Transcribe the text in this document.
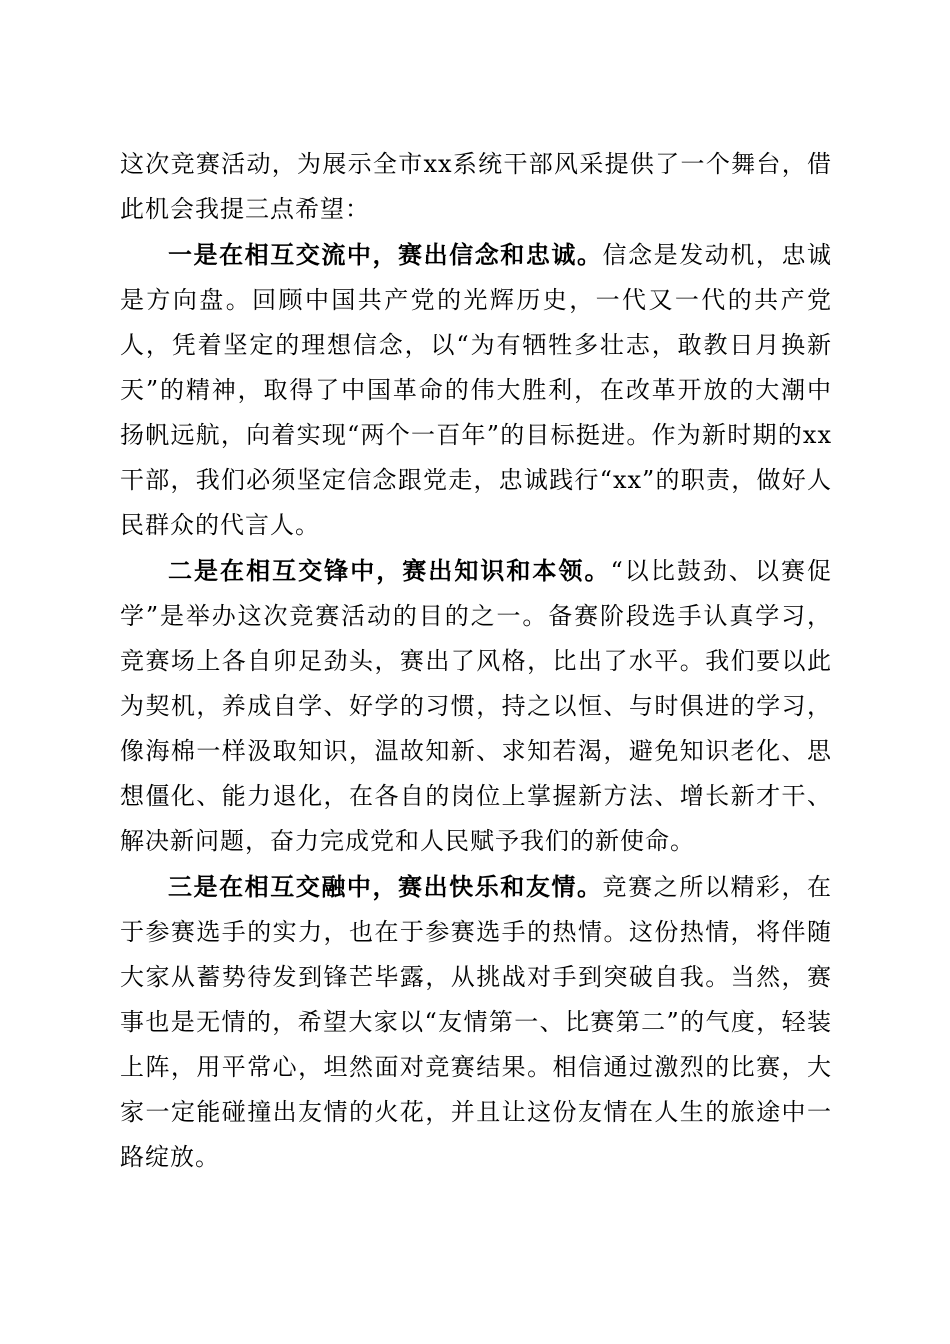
这次竞赛活动，为展示全市xx系统干部风采提供了一个舞台，借此机会我提三点希望：

一是在相互交流中，赛出信念和忠诚。信念是发动机，忠诚是方向盘。回顾中国共产党的光辉历史，一代又一代的共产党人，凭着坚定的理想信念，以“为有牺牲多壮志，敢教日月换新天”的精神，取得了中国革命的伟大胜利，在改革开放的大潮中扬帆远航，向着实现“两个一百年”的目标挺进。作为新时期的xx干部，我们必须坚定信念跟党走，忠诚践行“xx”的职责，做好人民群众的代言人。

二是在相互交锋中，赛出知识和本领。“以比鼓劲、以赛促学”是举办这次竞赛活动的目的之一。备赛阶段选手认真学习，竞赛场上各自卯足劲头，赛出了风格，比出了水平。我们要以此为契机，养成自学、好学的习惯，持之以恒、与时俱进的学习，像海棉一样汲取知识，温故知新、求知若渴，避免知识老化、思想僵化、能力退化，在各自的岗位上掌握新方法、增长新才干、解决新问题，奋力完成党和人民赋予我们的新使命。

三是在相互交融中，赛出快乐和友情。竞赛之所以精彩，在于参赛选手的实力，也在于参赛选手的热情。这份热情，将伴随大家从蓄势待发到锋芒毕露，从挑战对手到突破自我。当然，赛事也是无情的，希望大家以“友情第一、比赛第二”的气度，轻装上阵，用平常心，坦然面对竞赛结果。相信通过激烈的比赛，大家一定能碰撞出友情的火花，并且让这份友情在人生的旅途中一路绽放。
